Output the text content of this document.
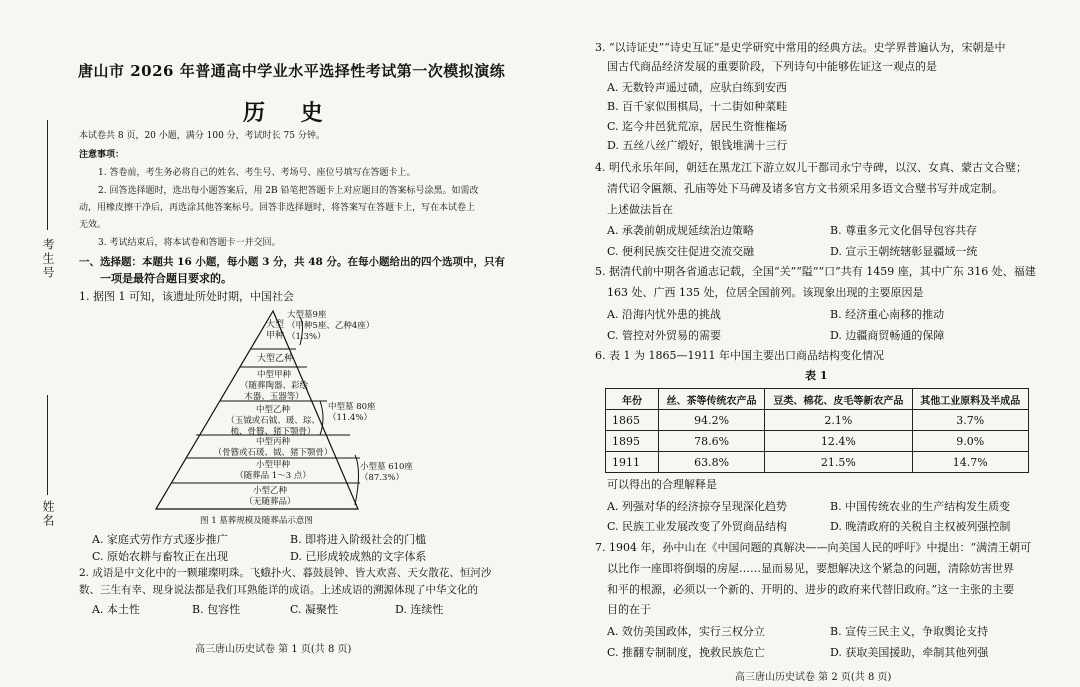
考生号
姓名
唐山市 2026 年普通高中学业水平选择性考试第一次模拟演练
历 史
本试卷共 8 页，20 小题，满分 100 分，考试时长 75 分钟。
注意事项：
1. 答卷前，考生务必将自己的姓名、考生号、考场号、座位号填写在答题卡上。
2. 回答选择题时，选出每小题答案后，用 2B 铅笔把答题卡上对应题目的答案标号涂黑。如需改
动，用橡皮擦干净后，再选涂其他答案标号。回答非选择题时，将答案写在答题卡上，写在本试卷上
无效。
3. 考试结束后，将本试卷和答题卡一并交回。
一、选择题：本题共 16 小题，每小题 3 分，共 48 分。在每小题给出的四个选项中，只有
一项是最符合题目要求的。
1. 据图 1 可知，该遗址所处时期，中国社会
大型
甲种
大型乙种
中型甲种
（随葬陶器、彩绘
木器、玉器等）
中型乙种
（玉钺或石钺、瑗、琮、
梳、骨簪、猪下颚骨）
中型丙种
（骨簪或石瑗、钺、猪下颚骨）
小型甲种
（随葬品 1～3 点）
小型乙种
（无随葬品）
大型墓9座
（甲种5座、乙种4座）
（1.3%）
中型墓 80座
（11.4%）
小型墓 610座
（87.3%）
图 1 墓葬规模及随葬品示意图
A. 家庭式劳作方式逐步推广	B. 即将进入阶级社会的门槛
C. 原始农耕与畜牧正在出现	D. 已形成较成熟的文字体系
2. 成语是中文化中的一颗璀璨明珠。飞蛾扑火、暮鼓晨钟、皆大欢喜、天女散花、恒河沙
数、三生有幸、现身说法都是我们耳熟能详的成语。上述成语的溯源体现了中华文化的
A. 本土性	B. 包容性	C. 凝聚性	D. 连续性
高三唐山历史试卷 第 1 页(共 8 页)
3. “以诗证史”“诗史互证”是史学研究中常用的经典方法。史学界普遍认为，宋朝是中
国古代商品经济发展的重要阶段，下列诗句中能够佐证这一观点的是
A. 无数铃声遥过碛，应驮白练到安西
B. 百千家似围棋局，十二街如种菜畦
C. 迄今井邑犹荒凉，居民生资惟権场
D. 五丝八丝广缎好，银钱堆满十三行
4. 明代永乐年间，朝廷在黑龙江下游立奴儿干都司永宁寺碑，以汉、女真、蒙古文合璧；
清代诏令匾额、孔庙等处下马碑及诸多官方文书须采用多语文合璧书写并成定制。
上述做法旨在
A. 承袭前朝成规延续治边策略	B. 尊重多元文化倡导包容共存
C. 便利民族交往促进交流交融	D. 宣示王朝统辖彰显疆域一统
5. 据清代前中期各省通志记载，全国“关”“隘”“口”共有 1459 座，其中广东 316 处、福建
163 处、广西 135 处，位居全国前列。该现象出现的主要原因是
A. 沿海内忧外患的挑战	B. 经济重心南移的推动
C. 管控对外贸易的需要	D. 边疆商贸畅通的保障
6. 表 1 为 1865—1911 年中国主要出口商品结构变化情况
表 1
年份	丝、茶等传统农产品	豆类、棉花、皮毛等新农产品	其他工业原料及半成品
1865	94.2%	2.1%	3.7%
1895	78.6%	12.4%	9.0%
1911	63.8%	21.5%	14.7%
可以得出的合理解释是
A. 列强对华的经济掠夺呈现深化趋势	B. 中国传统农业的生产结构发生质变
C. 民族工业发展改变了外贸商品结构	D. 晚清政府的关税自主权被列强控制
7. 1904 年，孙中山在《中国问题的真解决——向美国人民的呼吁》中提出：“满清王朝可
以比作一座即将倒塌的房屋……显而易见，要想解决这个紧急的问题，清除妨害世界
和平的根源，必须以一个新的、开明的、进步的政府来代替旧政府。”这一主张的主要
目的在于
A. 效仿美国政体，实行三权分立	B. 宣传三民主义，争取舆论支持
C. 推翻专制制度，挽救民族危亡	D. 获取美国援助，牵制其他列强
高三唐山历史试卷 第 2 页(共 8 页)
